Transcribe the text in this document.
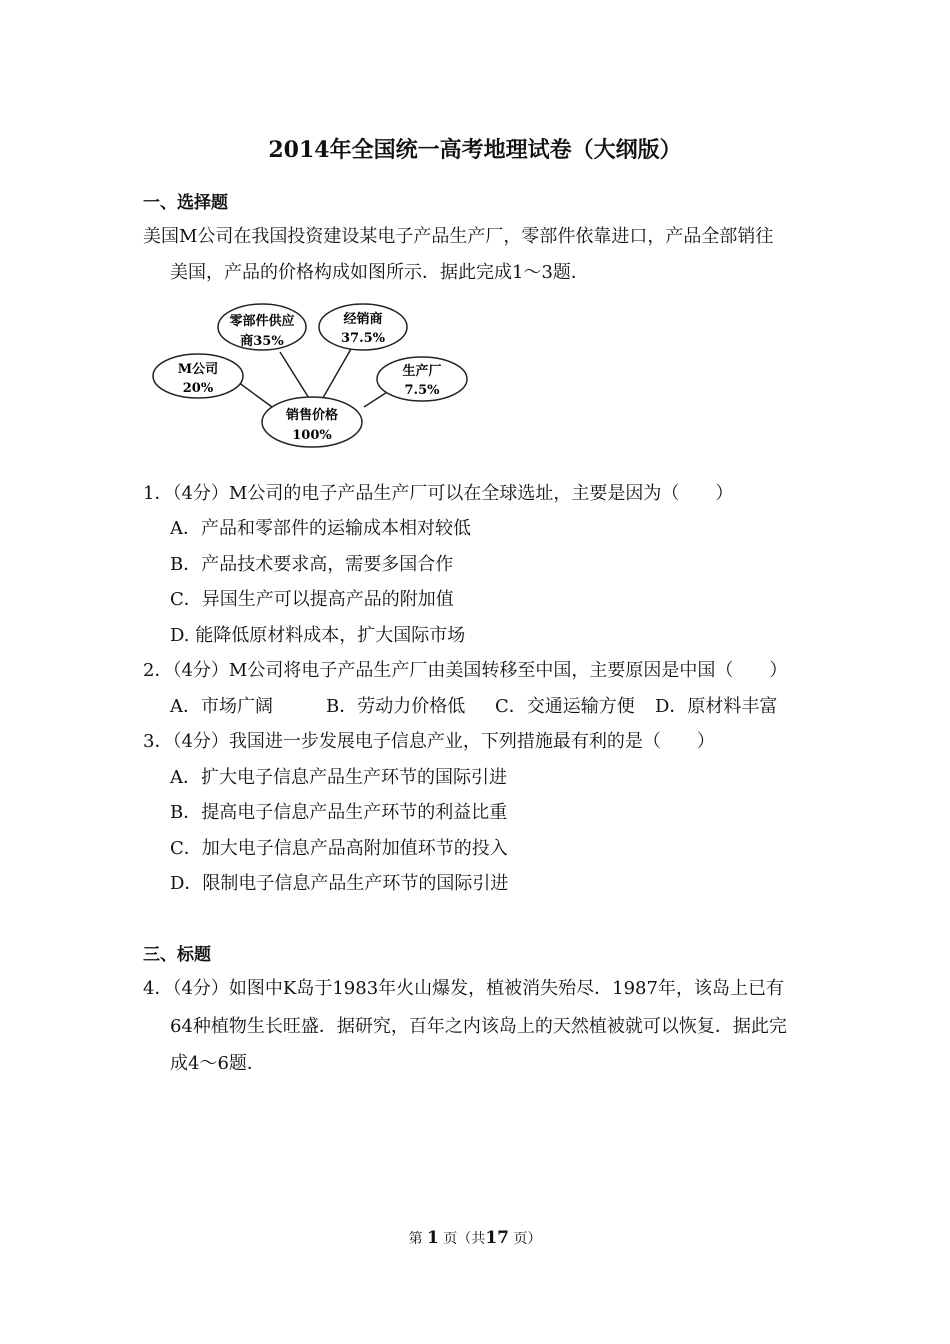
2014年全国统一高考地理试卷（大纲版）
一、选择题
美国M公司在我国投资建设某电子产品生产厂，零部件依靠进口，产品全部销往
美国，产品的价格构成如图所示．据此完成1～3题．
零部件供应
商35%
经销商
37.5%
M公司
20%
生产厂
7.5%
销售价格
100%
1．（4分）M公司的电子产品生产厂可以在全球选址，主要是因为（　　）
A．产品和零部件的运输成本相对较低
B．产品技术要求高，需要多国合作
C．异国生产可以提高产品的附加值
D. 能降低原材料成本，扩大国际市场
2．（4分）M公司将电子产品生产厂由美国转移至中国，主要原因是中国（　　）
A．市场广阔	B．劳动力价格低 C．交通运输方便 D．原材料丰富
3．（4分）我国进一步发展电子信息产业，下列措施最有利的是（　　）
A．扩大电子信息产品生产环节的国际引进
B．提高电子信息产品生产环节的利益比重
C．加大电子信息产品高附加值环节的投入
D．限制电子信息产品生产环节的国际引进
三、标题
4．（4分）如图中K岛于1983年火山爆发，植被消失殆尽．1987年，该岛上已有
64种植物生长旺盛．据研究，百年之内该岛上的天然植被就可以恢复．据此完
成4～6题．
第 1 页（共17 页）
